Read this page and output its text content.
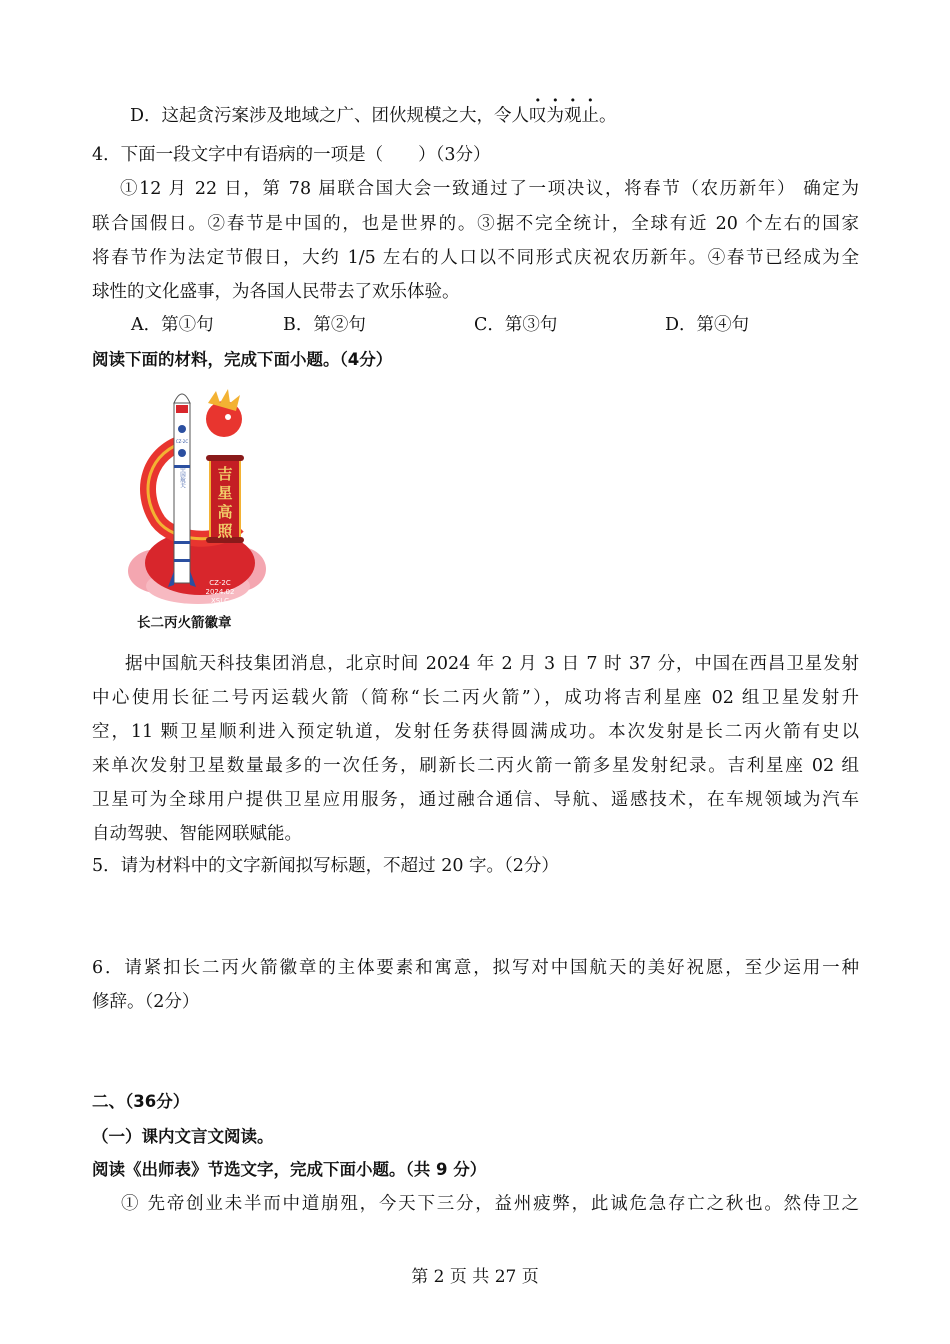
D．这起贪污案涉及地域之广、团伙规模之大，令人叹为观止。
4．下面一段文字中有语病的一项是（　　）（3分）
①12 月 22 日，第 78 届联合国大会一致通过了一项决议，将春节（农历新年） 确定为
联合国假日。②春节是中国的，也是世界的。③据不完全统计，全球有近 20 个左右的国家
将春节作为法定节假日，大约 1/5 左右的人口以不同形式庆祝农历新年。④春节已经成为全
球性的文化盛事，为各国人民带去了欢乐体验。
A．第①句	B．第②句	C．第③句	D．第④句
阅读下面的材料，完成下面小题。（4分）
吉
星
高
照
CZ-2C
中国航天
CZ-2C
2024.02
XSLC
长二丙火箭徽章
据中国航天科技集团消息，北京时间 2024 年 2 月 3 日 7 时 37 分，中国在西昌卫星发射
中心使用长征二号丙运载火箭（简称“长二丙火箭”），成功将吉利星座 02 组卫星发射升
空，11 颗卫星顺利进入预定轨道，发射任务获得圆满成功。本次发射是长二丙火箭有史以
来单次发射卫星数量最多的一次任务，刷新长二丙火箭一箭多星发射纪录。吉利星座 02 组
卫星可为全球用户提供卫星应用服务，通过融合通信、导航、遥感技术，在车规领域为汽车
自动驾驶、智能网联赋能。
5．请为材料中的文字新闻拟写标题，不超过 20 字。（2分）
6．请紧扣长二丙火箭徽章的主体要素和寓意，拟写对中国航天的美好祝愿，至少运用一种
修辞。（2分）
二、（36分）
（一）课内文言文阅读。
阅读《出师表》节选文字，完成下面小题。（共 9 分）
① 先帝创业未半而中道崩殂，今天下三分，益州疲弊，此诚危急存亡之秋也。然侍卫之
第 2 页 共 27 页
